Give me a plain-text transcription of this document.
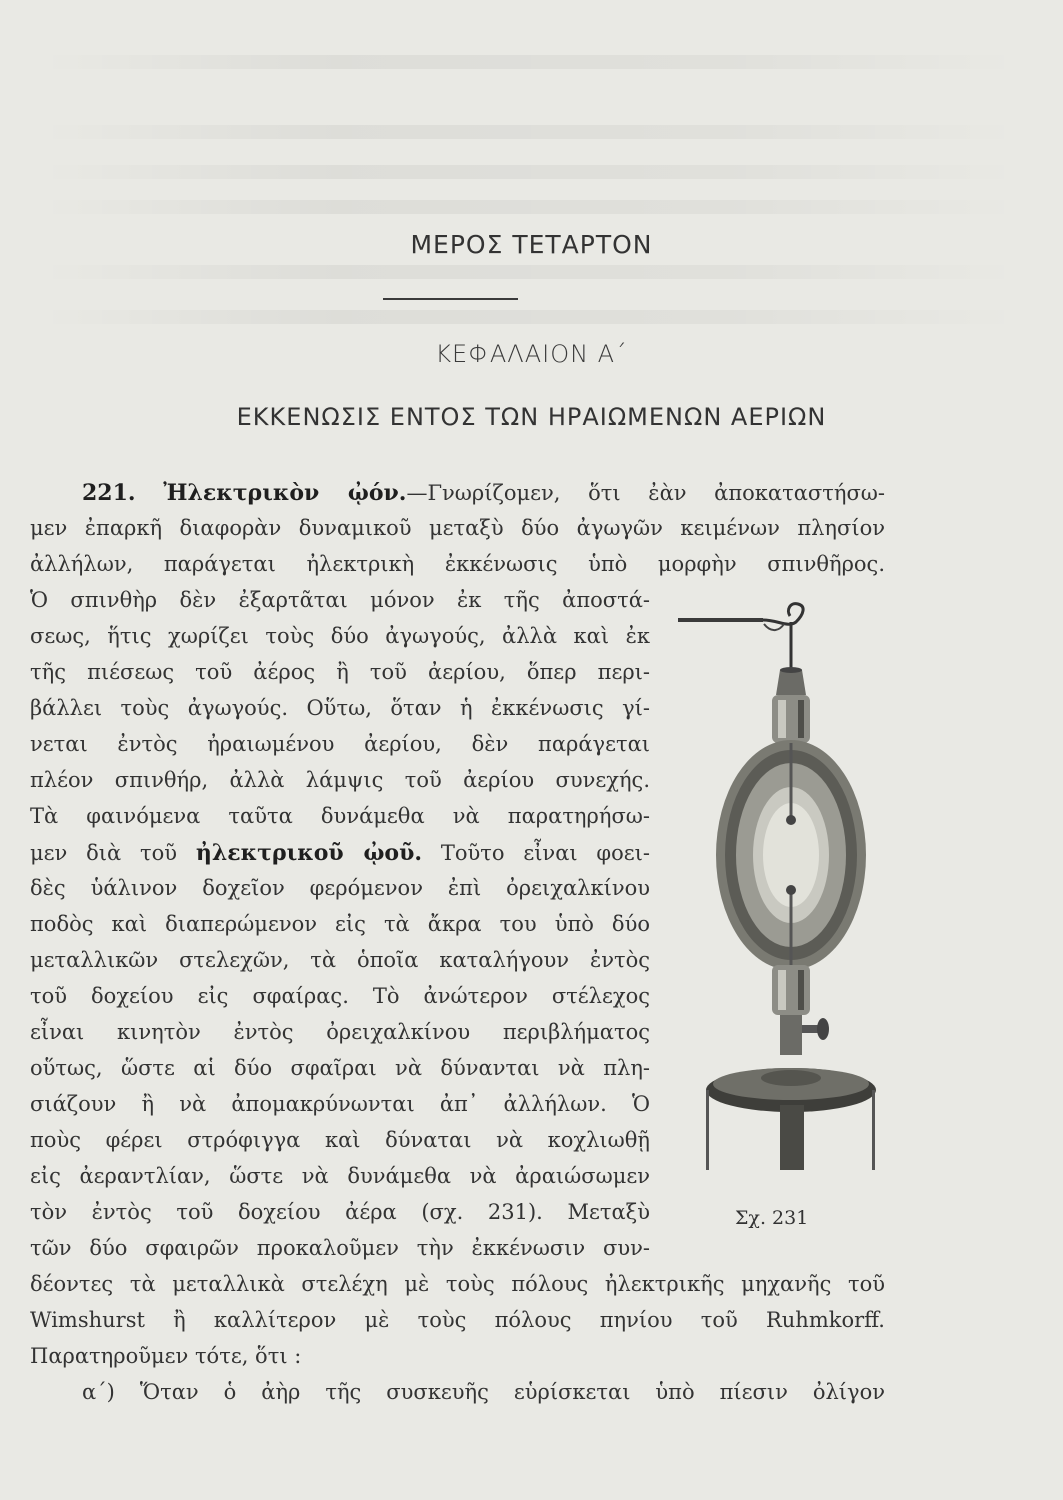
ΜΕΡΟΣ ΤΕΤΑΡΤΟΝ
ΚΕΦΑΛΑΙΟΝ Α΄
ΕΚΚΕΝΩΣΙΣ ΕΝΤΟΣ ΤΩΝ ΗΡΑΙΩΜΕΝΩΝ ΑΕΡΙΩΝ
221. Ἠλεκτρικὸν ᾠόν.—Γνωρίζομεν, ὅτι ἐὰν ἀποκαταστήσω-
μεν ἐπαρκῆ διαφορὰν δυναμικοῦ μεταξὺ δύο ἀγωγῶν κειμένων πλησίον
ἀλλήλων, παράγεται ἠλεκτρικὴ ἐκκένωσις ὑπὸ μορφὴν σπινθῆρος.
Ὁ σπινθὴρ δὲν ἐξαρτᾶται μόνον ἐκ τῆς ἀποστά-
σεως, ἥτις χωρίζει τοὺς δύο ἀγωγούς, ἀλλὰ καὶ ἐκ
τῆς πιέσεως τοῦ ἀέρος ἢ τοῦ ἀερίου, ὅπερ περι-
βάλλει τοὺς ἀγωγούς. Οὕτω, ὅταν ἡ ἐκκένωσις γί-
νεται ἐντὸς ἠραιωμένου ἀερίου, δὲν παράγεται
πλέον σπινθήρ, ἀλλὰ λάμψις τοῦ ἀερίου συνεχής.
Τὰ φαινόμενα ταῦτα δυνάμεθα νὰ παρατηρήσω-
μεν διὰ τοῦ ἠλεκτρικοῦ ᾠοῦ. Τοῦτο εἶναι φοει-
δὲς ὑάλινον δοχεῖον φερόμενον ἐπὶ ὀρειχαλκίνου
ποδὸς καὶ διαπερώμενον εἰς τὰ ἄκρα του ὑπὸ δύο
μεταλλικῶν στελεχῶν, τὰ ὁποῖα καταλήγουν ἐντὸς
τοῦ δοχείου εἰς σφαίρας. Τὸ ἀνώτερον στέλεχος
εἶναι κινητὸν ἐντὸς ὀρειχαλκίνου περιβλήματος
οὕτως, ὥστε αἱ δύο σφαῖραι νὰ δύνανται νὰ πλη-
σιάζουν ἢ νὰ ἀπομακρύνωνται ἀπ᾽ ἀλλήλων. Ὁ
ποὺς φέρει στρόφιγγα καὶ δύναται νὰ κοχλιωθῇ
εἰς ἀεραντλίαν, ὥστε νὰ δυνάμεθα νὰ ἀραιώσωμεν
τὸν ἐντὸς τοῦ δοχείου ἀέρα (σχ. 231). Μεταξὺ
τῶν δύο σφαιρῶν προκαλοῦμεν τὴν ἐκκένωσιν συν-
δέοντες τὰ μεταλλικὰ στελέχη μὲ τοὺς πόλους ἠλεκτρικῆς μηχανῆς τοῦ
Wimshurst ἢ καλλίτερον μὲ τοὺς πόλους πηνίου τοῦ Ruhmkorff.
Παρατηροῦμεν τότε, ὅτι :
α΄) Ὅταν ὁ ἀὴρ τῆς συσκευῆς εὑρίσκεται ὑπὸ πίεσιν ὀλίγον
Σχ. 231
